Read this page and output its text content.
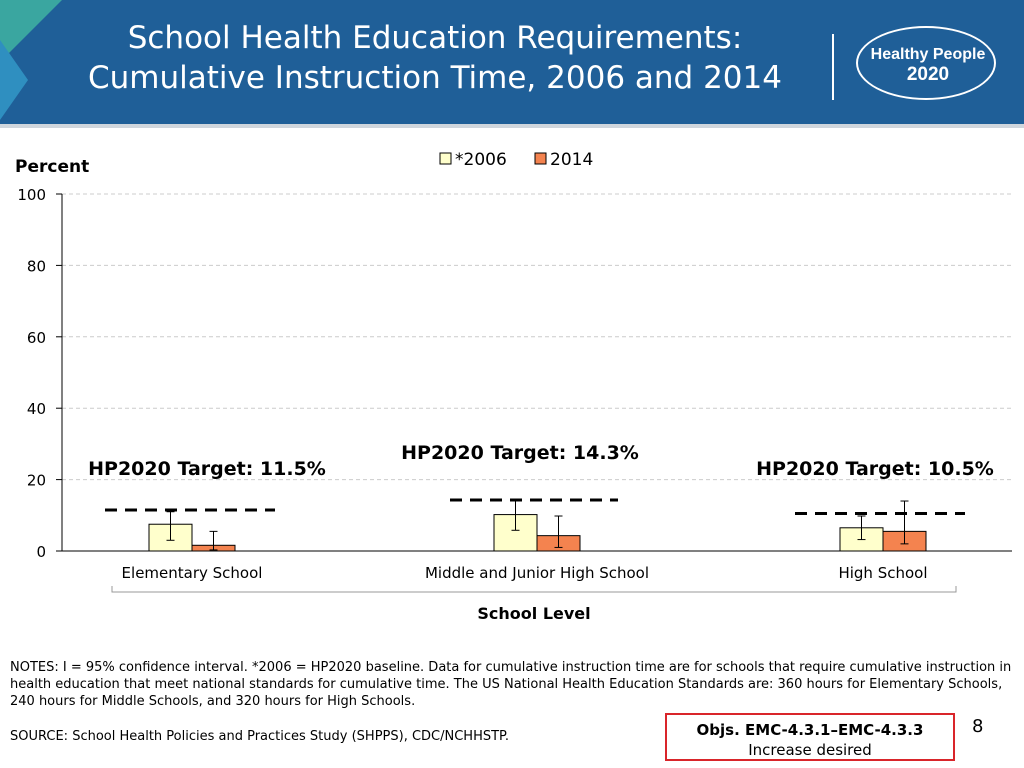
School Health Education Requirements:
Cumulative Instruction Time, 2006 and 2014
Healthy People
2020
Percent
0
20
40
60
80
100
Elementary School	Middle and Junior High School	High School
HP2020 Target: 11.5%
HP2020 Target: 14.3%
HP2020 Target: 10.5%
*2006	2014
School Level

NOTES: I = 95% confidence interval. *2006 = HP2020 baseline. Data for cumulative instruction time are for schools that require cumulative instruction in health education that meet national standards for cumulative time. The US National Health Education Standards are: 360 hours for Elementary Schools, 240 hours for Middle Schools, and 320 hours for High Schools.

SOURCE: School Health Policies and Practices Study (SHPPS), CDC/NCHHSTP.	Objs. EMC-4.3.1–EMC-4.3.3
Increase desired
8
